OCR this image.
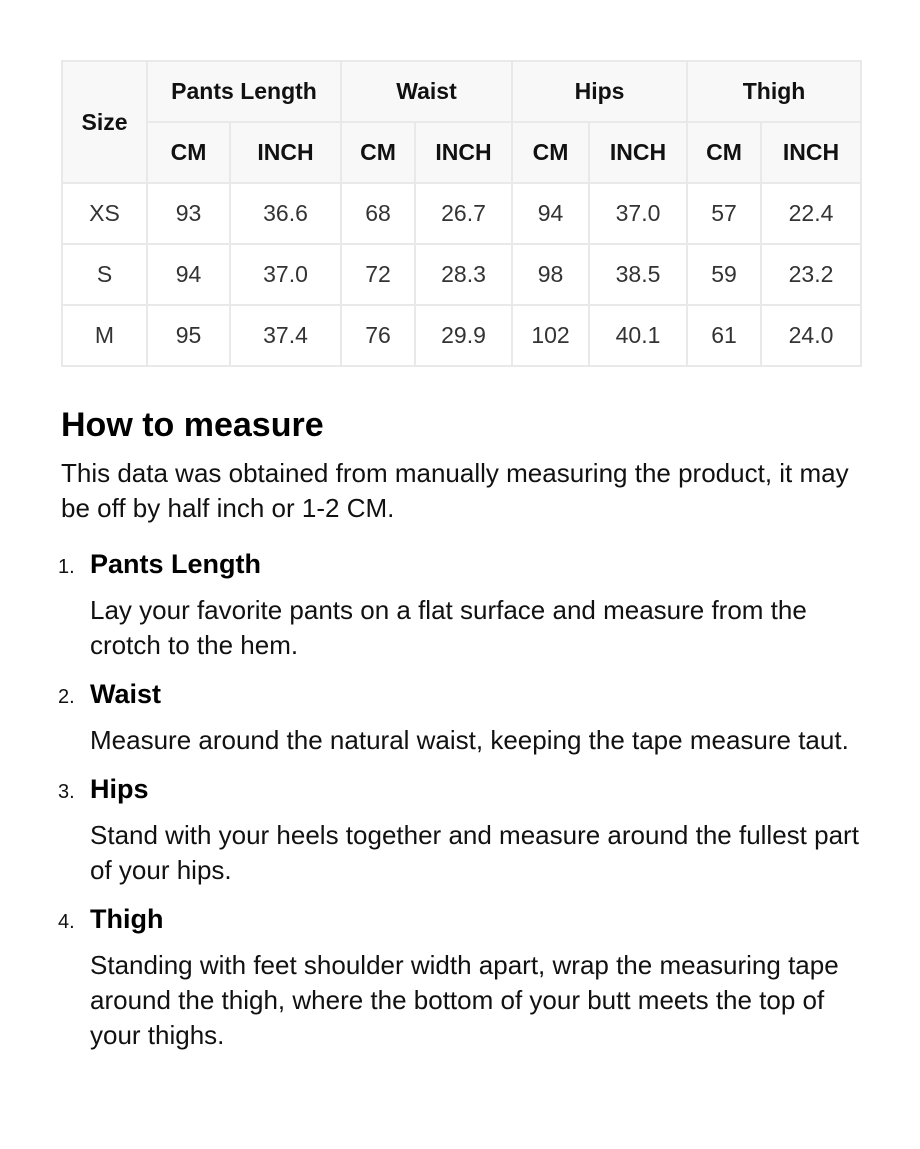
Size	Pants Length		Waist		Hips		Thigh	
	CM	INCH	CM	INCH	CM	INCH	CM	INCH
XS	93	36.6	68	26.7	94	37.0	57	22.4
S	94	37.0	72	28.3	98	38.5	59	23.2
M	95	37.4	76	29.9	102	40.1	61	24.0
How to measure

This data was obtained from manually measuring the product, it may be off by half inch or 1-2 CM.

1. Pants Length
Lay your favorite pants on a flat surface and measure from the crotch to the hem.
2. Waist
Measure around the natural waist, keeping the tape measure taut.
3. Hips
Stand with your heels together and measure around the fullest part of your hips.
4. Thigh
Standing with feet shoulder width apart, wrap the measuring tape around the thigh, where the bottom of your butt meets the top of your thighs.
